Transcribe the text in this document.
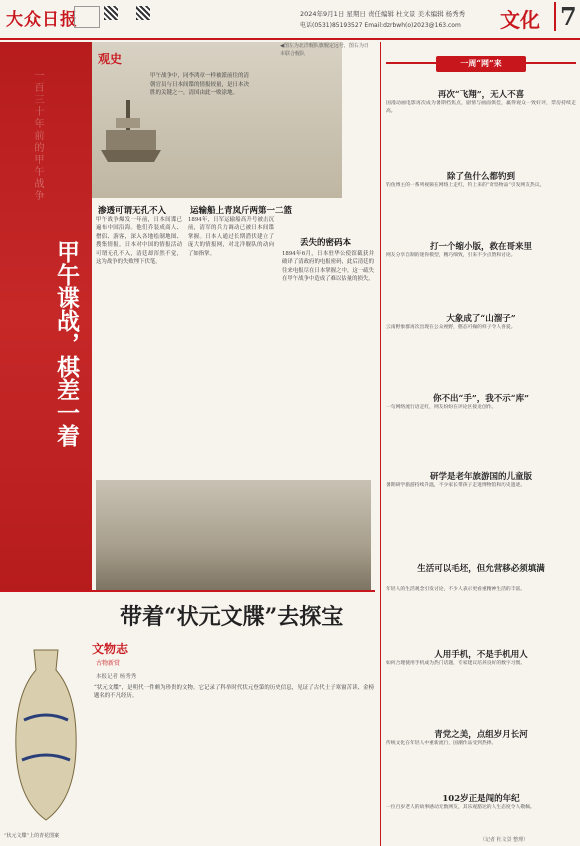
大众日报	2024年9月1日 星期日 责任编辑 杜文景 美术编辑 杨秀秀
电话(0531)85193527 Email:dzrbwh(o)2023@163.com 文化 7
一百三十年前的甲午战争
甲午谍战，棋差一着
观史
甲午战争中，同李鸿章一样被派前往的清朝官员与日本间谍的情报较量，是日本决胜的关键之一，清国由此一败涂地。
◀图左为北洋舰队旗舰定远号，图右为日本联合舰队
渗透可谓无孔不入
甲午战争爆发一年前，日本间谍已遍布中国沿海。他们乔装成商人、僧侣、游客，深入各地绘制地图、搜集情报。日本对中国的情报活动可谓无孔不入，清廷却浑然不觉，这为战争的失败埋下伏笔。
运输船上青岚斤两第一二篮
1894年，日军运输船高升号被击沉前，清军的兵力调动已被日本间谍掌握。日本人通过长期潜伏建立了庞大的情报网，对北洋舰队的动向了如指掌。
丢失的密码本
1894年6月，日本驻华公使馆截获并破译了清政府的电报密码，此后清廷的往来电报尽在日本掌握之中，这一疏失在甲午战争中造成了难以估量的损失。
带着“状元文牒”去探宝
“状元文牒”上的青花图案
文物志
古物新赏
本报记者 杨秀秀
“状元文牒”，是明代一件颇为珍贵的文物。它记录了科举时代状元登第的历史信息，见证了古代士子寒窗苦读、金榜题名的不凡经历。
一周“网”来
再次“飞翔”，无人不喜
国漫动画电影再次成为暑期档焦点，剧情与画面俱佳，赢得观众一致好评，票房持续走高。
除了鱼什么都钓到
钓鱼博主的一系列视频在网络上走红，钓上来的“奇怪物品”引发网友热议。
打一个缩小版，救在哥来里
网友分享自制的迷你模型，精巧细致，引来不少点赞和讨论。
大象成了“山溜子”
云南野象群再次出现在公众视野，憨态可掬的样子令人喜爱。
你不出“手”，我不示“库”
一句网络流行语走红，网友纷纷在评论区接龙创作。
研学是老年旅游国的儿童版
暑期研学旅游持续升温，不少家长带孩子走进博物馆和历史遗迹。
生活可以毛坯，但允营移必须填满
年轻人的生活观念引发讨论，不少人表示更看重精神生活的丰富。
人用手机，不是手机用人
如何合理使用手机成为热门话题，专家建议培养良好的数字习惯。
青党之美，点组岁月长河
传统文化在年轻人中重新流行，国潮作品受到热捧。
102岁正是闯的年纪
一位百岁老人的故事感动无数网友，其乐观豁达的人生态度令人敬佩。
（记者 杜文景 整理）
